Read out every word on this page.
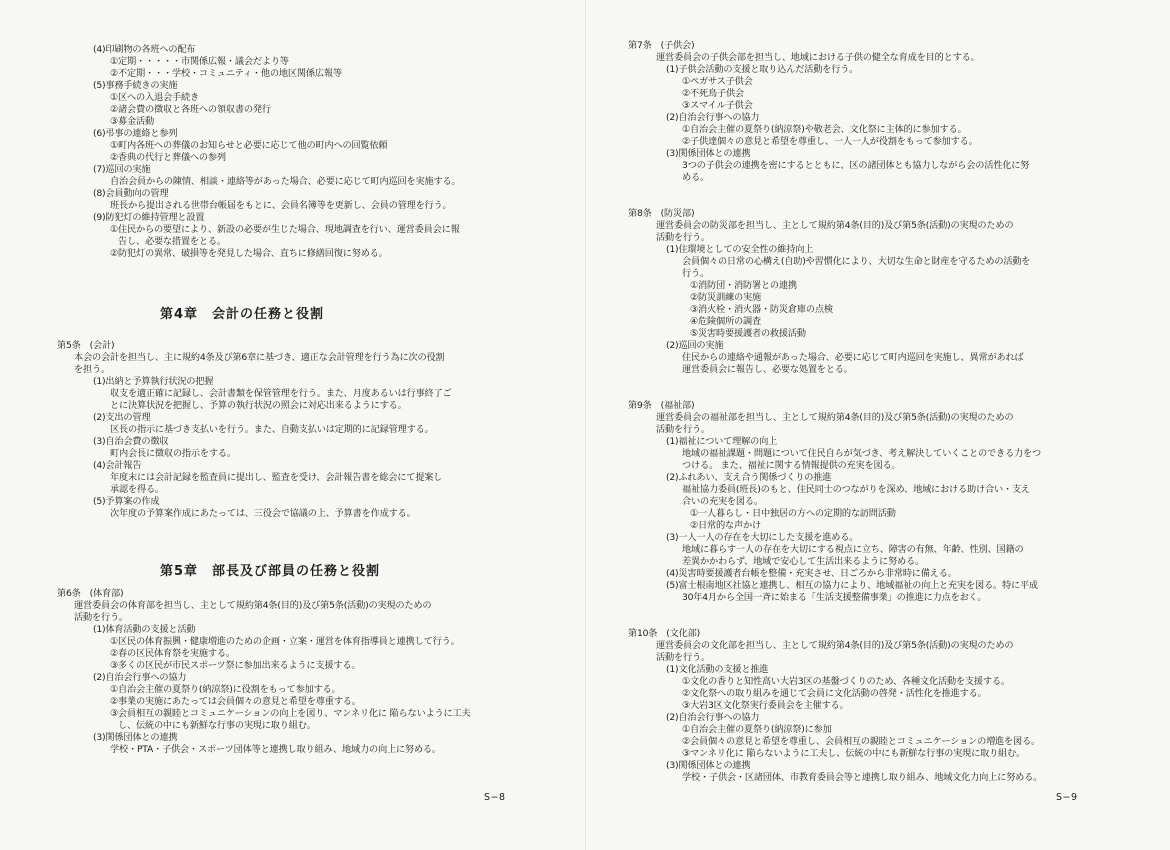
(4)印刷物の各班への配布
①定期・・・・・市関係広報・議会だより等
②不定期・・・学校・コミュニティ・他の地区関係広報等
(5)事務手続きの実施
①区への入退会手続き
②諸会費の徴収と各班への領収書の発行
③募金活動
(6)弔事の連絡と参列
①町内各班への葬儀のお知らせと必要に応じて他の町内への回覧依頼
②香典の代行と葬儀への参列
(7)巡回の実施
自治会員からの陳情、相談・連絡等があった場合、必要に応じて町内巡回を実施する。
(8)会員動向の管理
班長から提出される世帯台帳届をもとに、会員名簿等を更新し、会員の管理を行う。
(9)防犯灯の維持管理と設置
①住民からの要望により、新設の必要が生じた場合、現地調査を行い、運営委員会に報
告し、必要な措置をとる。
②防犯灯の異常、破損等を発見した場合、直ちに修繕回復に努める。
第4章　会計の任務と役割
第5条　(会計)
本会の会計を担当し、主に規約4条及び第6章に基づき、適正な会計管理を行う為に次の役割
を担う。
(1)出納と予算執行状況の把握
収支を適正確に記録し、会計書類を保管管理を行う。また、月度あるいは行事終了ご
とに決算状況を把握し、予算の執行状況の照会に対応出来るようにする。
(2)支出の管理
区長の指示に基づき支払いを行う。また、自動支払いは定期的に記録管理する。
(3)自治会費の徴収
町内会長に徴収の指示をする。
(4)会計報告
年度末には会計記録を監査員に提出し、監査を受け、会計報告書を総会にて提案し
承認を得る。
(5)予算案の作成
次年度の予算案作成にあたっては、三役会で協議の上、予算書を作成する。
第5章　部長及び部員の任務と役割
第6条　(体育部)
運営委員会の体育部を担当し、主として規約第4条(目的)及び第5条(活動)の実現のための
活動を行う。
(1)体育活動の支援と活動
①区民の体育振興・健康増進のための企画・立案・運営を体育指導員と連携して行う。
②春の区民体育祭を実施する。
③多くの区民が市民スポーツ祭に参加出来るように支援する。
(2)自治会行事への協力
①自治会主催の夏祭り(納涼祭)に役割をもって参加する。
②事業の実施にあたっては会員個々の意見と希望を尊重する。
③会員相互の親睦とコミュニケーションの向上を図り、マンネリ化に 陥らないように工夫
し、伝統の中にも新鮮な行事の実現に取り組む。
(3)関係団体との連携
学校・PTA・子供会・スポーツ団体等と連携し取り組み、地域力の向上に努める。
S−8
第7条　(子供会)
運営委員会の子供会部を担当し、地域における子供の健全な育成を目的とする。
(1)子供会活動の支援と取り込んだ活動を行う。
①ペガサス子供会
②不死鳥子供会
③スマイル子供会
(2)自治会行事への協力
①自治会主催の夏祭り(納涼祭)や敬老会、文化祭に主体的に参加する。
②子供達個々の意見と希望を尊重し、一人一人が役割をもって参加する。
(3)関係団体との連携
3つの子供会の連携を密にするとともに、区の諸団体とも協力しながら会の活性化に努
める。
第8条　(防災部)
運営委員会の防災部を担当し、主として規約第4条(目的)及び第5条(活動)の実現のための
活動を行う。
(1)住環境としての安全性の維持向上
会員個々の日常の心構え(自助)や習慣化により、大切な生命と財産を守るための活動を
行う。
①消防団・消防署との連携
②防災訓練の実施
③消火栓・消火器・防災倉庫の点検
④危険個所の調査
⑤災害時要援護者の救援活動
(2)巡回の実施
住民からの連絡や通報があった場合、必要に応じて町内巡回を実施し、異常があれば
運営委員会に報告し、必要な処置をとる。
第9条　(福祉部)
運営委員会の福祉部を担当し、主として規約第4条(目的)及び第5条(活動)の実現のための
活動を行う。
(1)福祉について理解の向上
地域の福祉課題・問題について住民自らが気づき、考え解決していくことのできる力をつ
つける。 また、福祉に関する情報提供の充実を図る。
(2)ふれあい、支え合う関係づくりの推進
福祉協力委員(班長)のもと、住民同士のつながりを深め、地域における助け合い・支え
合いの充実を図る。
①一人暮らし・日中独居の方への定期的な訪問活動
②日常的な声かけ
(3)一人一人の存在を大切にした支援を進める。
地域に暮らす一人の存在を大切にする視点に立ち、障害の有無、年齢、性別、国籍の
差異かかわらず、地域で安心して生活出来るように努める。
(4)災害時要援護者台帳を整備・充実させ、日ごろから非常時に備える。
(5)富士根南地区社協と連携し、相互の協力により、地域福祉の向上と充実を図る。特に平成
30年4月から全国一斉に始まる「生活支援整備事業」の推進に力点をおく。
第10条　(文化部)
運営委員会の文化部を担当し、主として規約第4条(目的)及び第5条(活動)の実現のための
活動を行う。
(1)文化活動の支援と推進
①文化の香りと知性高い大岩3区の基盤づくりのため、各種文化活動を支援する。
②文化祭への取り組みを通じて会員に文化活動の啓発・活性化を推進する。
③大岩3区文化祭実行委員会を主催する。
(2)自治会行事への協力
①自治会主催の夏祭り(納涼祭)に参加
②会員個々の意見と希望を尊重し、会員相互の親睦とコミュニケーションの増進を図る。
③マンネリ化に 陥らないように工夫し、伝統の中にも新鮮な行事の実現に取り組む。
(3)関係団体との連携
学校・子供会・区諸団体、市教育委員会等と連携し取り組み、地域文化力向上に努める。
S−9
